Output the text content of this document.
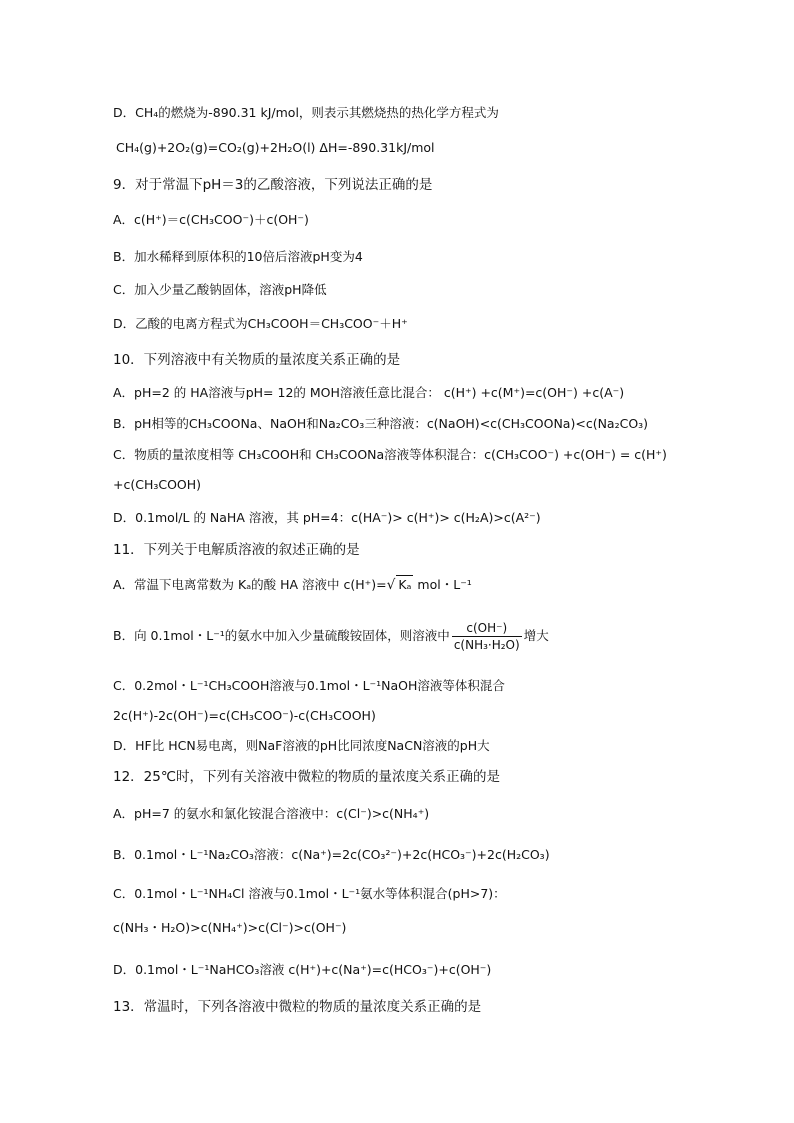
D．CH₄的燃烧为-890.31 kJ/mol，则表示其燃烧热的热化学方程式为
CH₄(g)+2O₂(g)=CO₂(g)+2H₂O(l) ΔH=-890.31kJ/mol
9．对于常温下pH＝3的乙酸溶液，下列说法正确的是
A．c(H⁺)＝c(CH₃COO⁻)＋c(OH⁻)
B．加水稀释到原体积的10倍后溶液pH变为4
C．加入少量乙酸钠固体，溶液pH降低
D．乙酸的电离方程式为CH₃COOH＝CH₃COO⁻＋H⁺
10．下列溶液中有关物质的量浓度关系正确的是
A．pH=2 的 HA溶液与pH= 12的 MOH溶液任意比混合： c(H⁺) +c(M⁺)=c(OH⁻) +c(A⁻)
B．pH相等的CH₃COONa、NaOH和Na₂CO₃三种溶液：c(NaOH)<c(CH₃COONa)<c(Na₂CO₃)
C．物质的量浓度相等 CH₃COOH和 CH₃COONa溶液等体积混合：c(CH₃COO⁻) +c(OH⁻) = c(H⁺)
+c(CH₃COOH)
D．0.1mol/L 的 NaHA 溶液，其 pH=4：c(HA⁻)> c(H⁺)> c(H₂A)>c(A²⁻)
11．下列关于电解质溶液的叙述正确的是
A．常温下电离常数为 Kₐ的酸 HA 溶液中 c(H⁺)=√ Kₐ mol・L⁻¹
B．向 0.1mol・L⁻¹的氨水中加入少量硫酸铵固体，则溶液中 $\frac{c(OH^-)}{\text{c(NH₃·H₂O)}}$ 增大
C．0.2mol・L⁻¹CH₃COOH溶液与0.1mol・L⁻¹NaOH溶液等体积混合
2c(H⁺)-2c(OH⁻)=c(CH₃COO⁻)-c(CH₃COOH)
D．HF比 HCN易电离，则NaF溶液的pH比同浓度NaCN溶液的pH大
12．25℃时，下列有关溶液中微粒的物质的量浓度关系正确的是
A．pH=7 的氨水和氯化铵混合溶液中：c(Cl⁻)>c(NH₄⁺)
B．0.1mol・L⁻¹Na₂CO₃溶液：c(Na⁺)=2c(CO₃²⁻)+2c(HCO₃⁻)+2c(H₂CO₃)
C．0.1mol・L⁻¹NH₄Cl 溶液与0.1mol・L⁻¹氨水等体积混合(pH>7)：
c(NH₃・H₂O)>c(NH₄⁺)>c(Cl⁻)>c(OH⁻)
D．0.1mol・L⁻¹NaHCO₃溶液 c(H⁺)+c(Na⁺)=c(HCO₃⁻)+c(OH⁻)
13．常温时，下列各溶液中微粒的物质的量浓度关系正确的是
